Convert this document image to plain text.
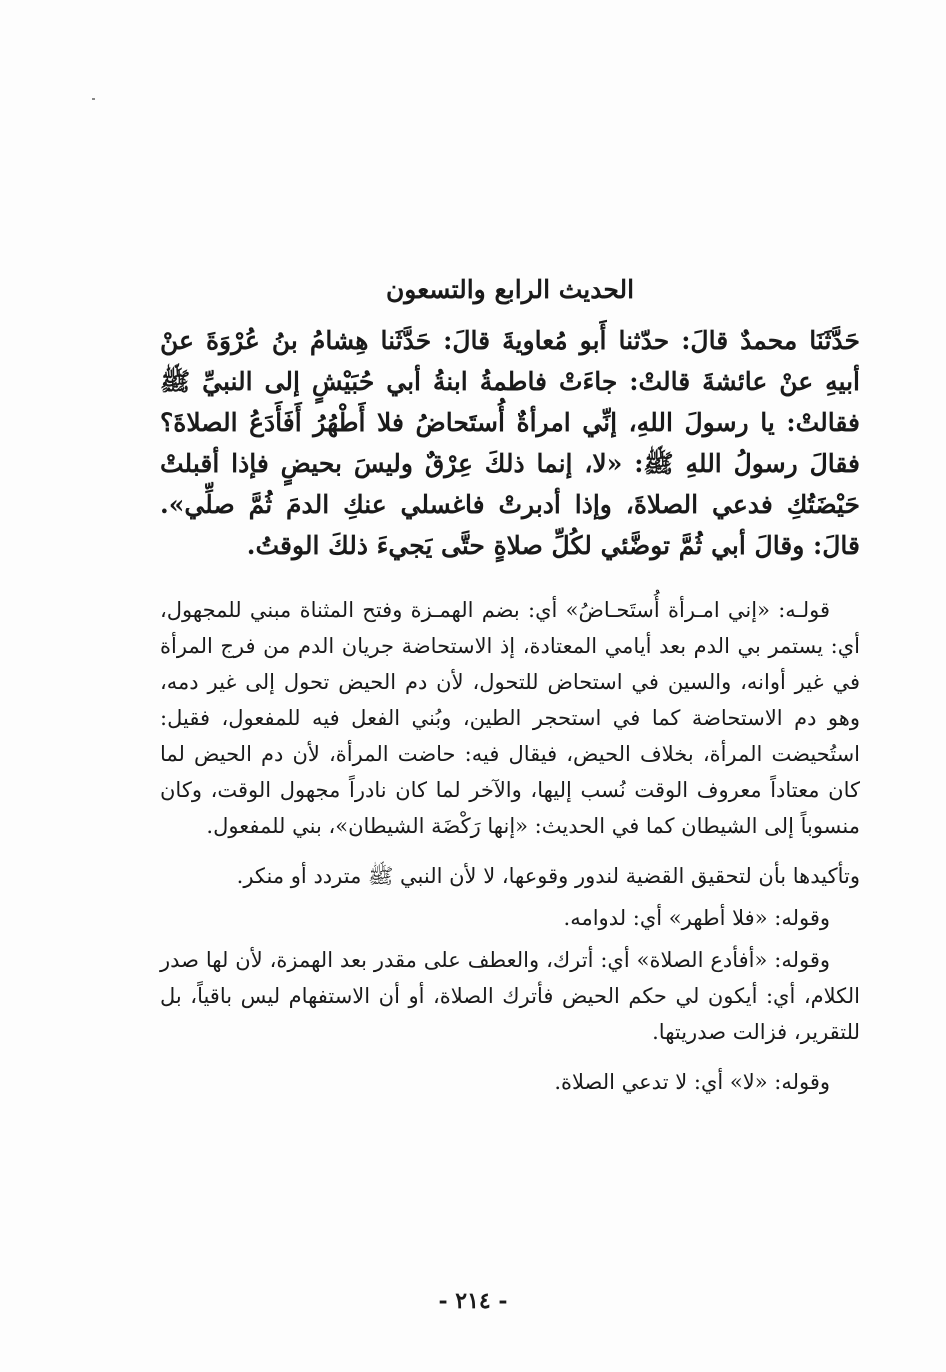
الحديث الرابع والتسعون

حَدَّثَنَا محمدٌ قالَ: حدّثنا أَبو مُعاويةَ قالَ: حَدَّثَنا هِشامُ بنُ عُرْوَةَ عنْ أبيهِ عنْ عائشةَ قالتْ: جاءَتْ فاطمةُ ابنةُ أبي حُبَيْشٍ إلى النبيِّ ﷺ فقالتْ: يا رسولَ اللهِ، إنِّي امرأةٌ أُستَحاضُ فلا أَطْهُرُ أَفَأَدَعُ الصلاةَ؟ فقالَ رسولُ اللهِ ﷺ: «لا، إنما ذلكَ عِرْقٌ وليسَ بحيضٍ فإذا أقبلتْ حَيْضَتُكِ فدعي الصلاةَ، وإذا أدبرتْ فاغسلي عنكِ الدمَ ثُمَّ صلِّي». قالَ: وقالَ أبي ثُمَّ توضَّئي لكُلِّ صلاةٍ حتَّى يَجيءَ ذلكَ الوقتُ.

قولـه: «إني امـرأة أُستَحـاضُ» أي: بضم الهمـزة وفتح المثناة مبني للمجهول، أي: يستمر بي الدم بعد أيامي المعتادة، إذ الاستحاضة جريان الدم من فرج المرأة في غير أوانه، والسين في استحاض للتحول، لأن دم الحيض تحول إلى غير دمه، وهو دم الاستحاضة كما في استحجر الطين، وبُني الفعل فيه للمفعول، فقيل: استُحيضت المرأة، بخلاف الحيض، فيقال فيه: حاضت المرأة، لأن دم الحيض لما كان معتاداً معروف الوقت نُسب إليها، والآخر لما كان نادراً مجهول الوقت، وكان منسوباً إلى الشيطان كما في الحديث: «إنها رَكْضَة الشيطان»، بني للمفعول.

وتأكيدها بأن لتحقيق القضية لندور وقوعها، لا لأن النبي ﷺ متردد أو منكر.

وقوله: «فلا أطهر» أي: لدوامه.

وقوله: «أفأدع الصلاة» أي: أترك، والعطف على مقدر بعد الهمزة، لأن لها صدر الكلام، أي: أيكون لي حكم الحيض فأترك الصلاة، أو أن الاستفهام ليس باقياً، بل للتقرير، فزالت صدريتها.

وقوله: «لا» أي: لا تدعي الصلاة.

- ٢١٤ -
